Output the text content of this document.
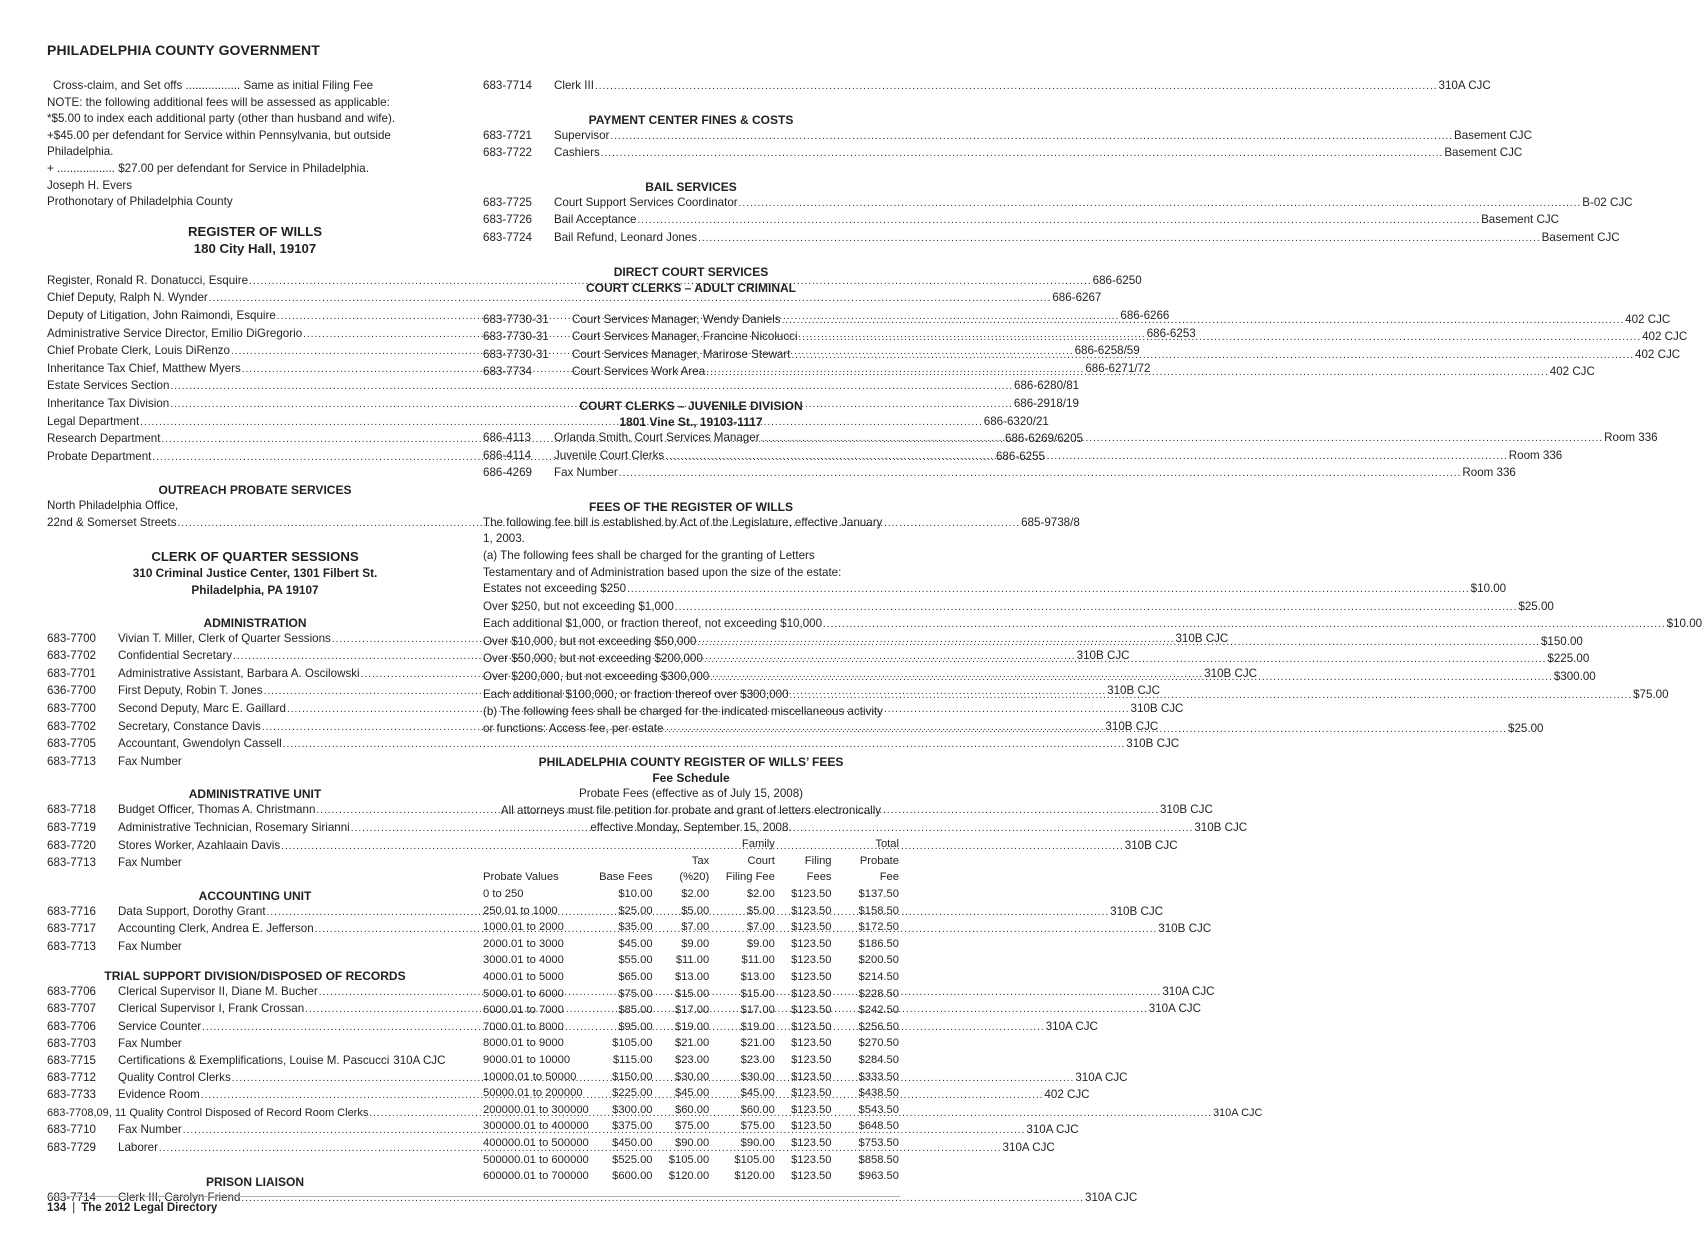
PHILADELPHIA COUNTY GOVERNMENT

Cross-claim, and Set offs ................. Same as initial Filing Fee

NOTE: the following additional fees will be assessed as applicable:

*$5.00 to index each additional party (other than husband and wife).

+$45.00 per defendant for Service within Pennsylvania, but outside

Philadelphia.

+ .................. $27.00 per defendant for Service in Philadelphia.

Joseph H. Evers

Prothonotary of Philadelphia County

REGISTER OF WILLS
180 City Hall, 19107
Register, Ronald R. Donatucci, Esquire .....	686-6250
Chief Deputy, Ralph N. Wynder .....	686-6267
Deputy of Litigation, John Raimondi, Esquire .....	686-6266
Administrative Service Director, Emilio DiGregorio .....	686-6253
Chief Probate Clerk, Louis DiRenzo .....	686-6258/59
Inheritance Tax Chief, Matthew Myers .....	686-6271/72
Estate Services Section .....	686-6280/81
Inheritance Tax Division .....	686-2918/19
Legal Department .....	686-6320/21
Research Department .....	686-6269/6205
Probate Department .....	686-6255
OUTREACH PROBATE SERVICES

North Philadelphia Office,

22nd & Somerset Streets .....	685-9738/8
CLERK OF QUARTER SESSIONS
310 Criminal Justice Center, 1301 Filbert St.
Philadelphia, PA 19107
ADMINISTRATION
683-7700	Vivian T. Miller, Clerk of Quarter Sessions .....	310B CJC
683-7702	Confidential Secretary .....	310B CJC
683-7701	Administrative Assistant, Barbara A. Oscilowski .....	310B CJC
636-7700	First Deputy, Robin T. Jones .....	310B CJC
683-7700	Second Deputy, Marc E. Gaillard .....	310B CJC
683-7702	Secretary, Constance Davis .....	310B CJC
683-7705	Accountant, Gwendolyn Cassell .....	310B CJC
683-7713	Fax Number
ADMINISTRATIVE UNIT
683-7718	Budget Officer, Thomas A. Christmann .....	310B CJC
683-7719	Administrative Technician, Rosemary Sirianni .....	310B CJC
683-7720	Stores Worker, Azahlaain Davis .....	310B CJC
683-7713	Fax Number
ACCOUNTING UNIT
683-7716	Data Support, Dorothy Grant .....	310B CJC
683-7717	Accounting Clerk, Andrea E. Jefferson .....	310B CJC
683-7713	Fax Number
TRIAL SUPPORT DIVISION/DISPOSED OF RECORDS
683-7706	Clerical Supervisor II, Diane M. Bucher .....	310A CJC
683-7707	Clerical Supervisor I, Frank Crossan .....	310A CJC
683-7706	Service Counter .....	310A CJC
683-7703	Fax Number
683-7715	Certifications & Exemplifications, Louise M. Pascucci 310A CJC
683-7712	Quality Control Clerks .....	310A CJC
683-7733	Evidence Room .....	402 CJC
683-7708,09, 11 Quality Control Disposed of Record Room Clerks .....	310A CJC
683-7710	Fax Number .....	310A CJC
683-7729	Laborer .....	310A CJC
PRISON LIAISON
683-7714	Clerk III, Carolyn Friend .....	310A CJC
683-7714	Clerk III .....	310A CJC
PAYMENT CENTER FINES & COSTS
683-7721	Supervisor .....	Basement CJC
683-7722	Cashiers .....	Basement CJC
BAIL SERVICES
683-7725	Court Support Services Coordinator .....	B-02 CJC
683-7726	Bail Acceptance .....	Basement CJC
683-7724	Bail Refund, Leonard Jones .....	Basement CJC
DIRECT COURT SERVICES
COURT CLERKS – ADULT CRIMINAL
683-7730-31	Court Services Manager, Wendy Daniels .....	402 CJC
683-7730-31	Court Services Manager, Francine Nicolucci .....	402 CJC
683-7730-31	Court Services Manager, Marirose Stewart .....	402 CJC
683-7734	Court Services Work Area .....	402 CJC
COURT CLERKS – JUVENILE DIVISION
1801 Vine St., 19103-1117
686-4113	Orlanda Smith, Court Services Manager .....	Room 336
686-4114	Juvenile Court Clerks .....	Room 336
686-4269	Fax Number .....	Room 336
FEES OF THE REGISTER OF WILLS

The following fee bill is established by Act of the Legislature, effective January

1, 2003.

(a) The following fees shall be charged for the granting of Letters

Testamentary and of Administration based upon the size of the estate:

Estates not exceeding $250 .....	$10.00
Over $250, but not exceeding $1,000 .....	$25.00
Each additional $1,000, or fraction thereof, not exceeding $10,000 .....	$10.00
Over $10,000, but not exceeding $50,000 .....	$150.00
Over $50,000, but not exceeding $200,000 .....	$225.00
Over $200,000, but not exceeding $300,000 .....	$300.00
Each additional $100,000, or fraction thereof over $300,000 .....	$75.00

(b) The following fees shall be charged for the indicated miscellaneous activity

or functions: Access fee, per estate .....	$25.00
PHILADELPHIA COUNTY REGISTER OF WILLS’ FEES
Fee Schedule
Probate Fees (effective as of July 15, 2008)
All attorneys must file petition for probate and grant of letters electronically
effective Monday, September 15, 2008.
			Family		Total
		Tax	Court	Filing	Probate
Probate Values	Base Fees	(%20)	Filing Fee	Fees	Fee
0 to 250	$10.00	$2.00	$2.00	$123.50	$137.50
250.01 to 1000	$25.00	$5.00	$5.00	$123.50	$158.50
1000.01 to 2000	$35.00	$7.00	$7.00	$123.50	$172.50
2000.01 to 3000	$45.00	$9.00	$9.00	$123.50	$186.50
3000.01 to 4000	$55.00	$11.00	$11.00	$123.50	$200.50
4000.01 to 5000	$65.00	$13.00	$13.00	$123.50	$214.50
5000.01 to 6000	$75.00	$15.00	$15.00	$123.50	$228.50
6000.01 to 7000	$85.00	$17.00	$17.00	$123.50	$242.50
7000.01 to 8000	$95.00	$19.00	$19.00	$123.50	$256.50
8000.01 to 9000	$105.00	$21.00	$21.00	$123.50	$270.50
9000.01 to 10000	$115.00	$23.00	$23.00	$123.50	$284.50
10000.01 to 50000	$150.00	$30.00	$30.00	$123.50	$333.50
50000.01 to 200000	$225.00	$45.00	$45.00	$123.50	$438.50
200000.01 to 300000	$300.00	$60.00	$60.00	$123.50	$543.50
300000.01 to 400000	$375.00	$75.00	$75.00	$123.50	$648.50
400000.01 to 500000	$450.00	$90.00	$90.00	$123.50	$753.50
500000.01 to 600000	$525.00	$105.00	$105.00	$123.50	$858.50
600000.01 to 700000	$600.00	$120.00	$120.00	$123.50	$963.50
134 | The 2012 Legal Directory
